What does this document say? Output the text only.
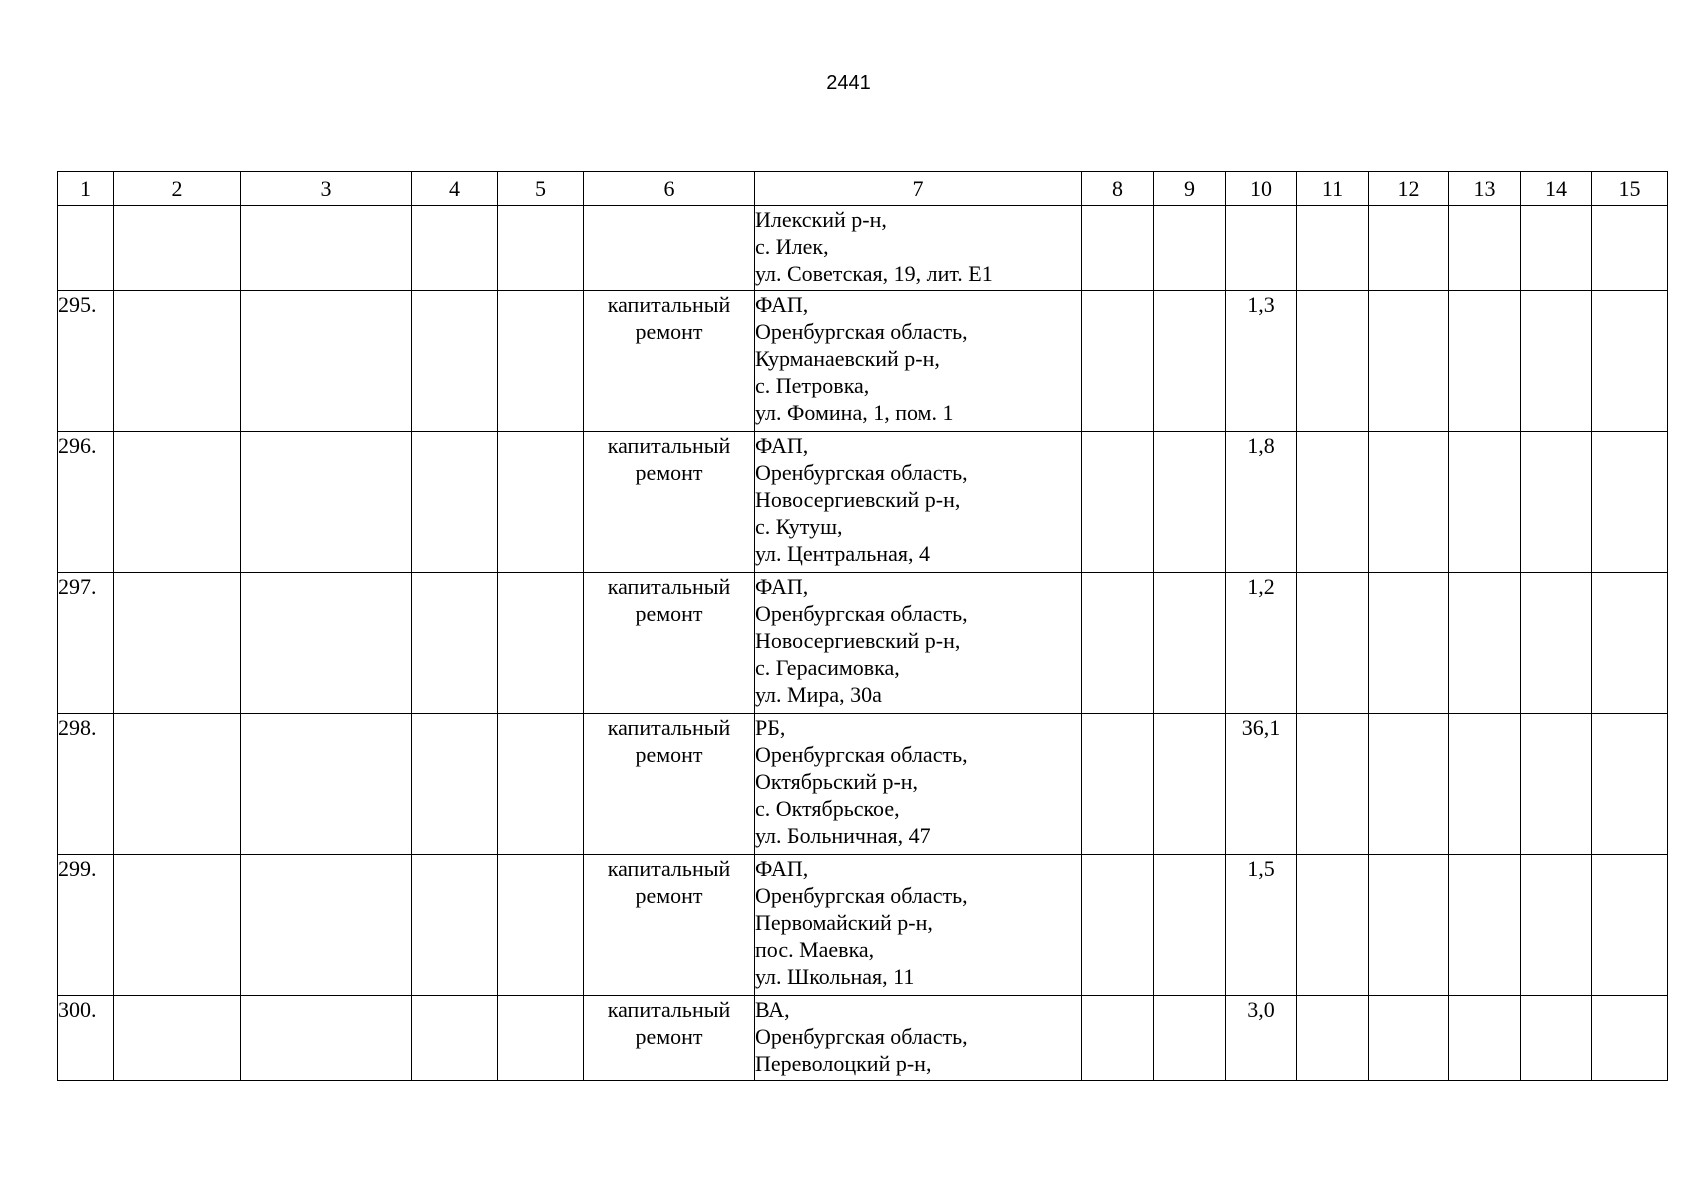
2441
1	2	3	4	5	6	7	8	9	10	11	12	13	14	15

						Илекский р-н,
с. Илек,
ул. Советская, 19, лит. Е1								

295.					капитальный
ремонт	ФАП,
Оренбургская область,
Курманаевский р-н,
с. Петровка,
ул. Фомина, 1, пом. 1			1,3					
296.					капитальный
ремонт	ФАП,
Оренбургская область,
Новосергиевский р-н,
с. Кутуш,
ул. Центральная, 4			1,8					
297.					капитальный
ремонт	ФАП,
Оренбургская область,
Новосергиевский р-н,
с. Герасимовка,
ул. Мира, 30а			1,2					
298.					капитальный
ремонт	РБ,
Оренбургская область,
Октябрьский р-н,
с. Октябрьское,
ул. Больничная, 47			36,1					
299.					капитальный
ремонт	ФАП,
Оренбургская область,
Первомайский р-н,
пос. Маевка,
ул. Школьная, 11			1,5					
300.					капитальный
ремонт	ВА,
Оренбургская область,
Переволоцкий р-н,			3,0					
